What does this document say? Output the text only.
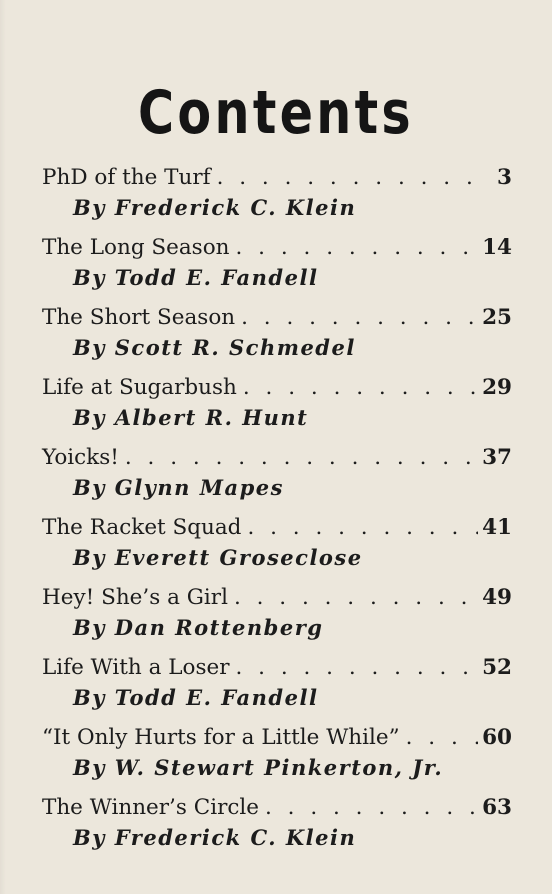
Contents
PhD of the Turf . . .	3
By Frederick C. Klein
The Long Season . . .	14
By Todd E. Fandell
The Short Season . . .	25
By Scott R. Schmedel
Life at Sugarbush . . .	29
By Albert R. Hunt
Yoicks! . . .	37
By Glynn Mapes
The Racket Squad . . .	41
By Everett Groseclose
Hey! She’s a Girl . . .	49
By Dan Rottenberg
Life With a Loser . . .	52
By Todd E. Fandell
“It Only Hurts for a Little While” . . .	60
By W. Stewart Pinkerton, Jr.
The Winner’s Circle . . .	63
By Frederick C. Klein
